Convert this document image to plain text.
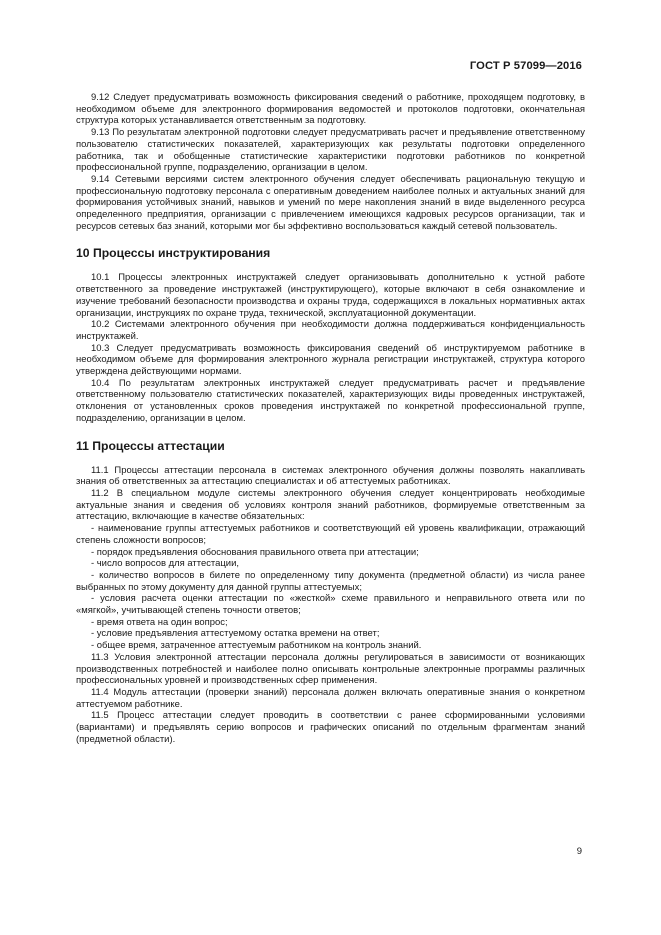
ГОСТ Р 57099—2016

9.12 Следует предусматривать возможность фиксирования сведений о работнике, проходящем подготовку, в необходимом объеме для электронного формирования ведомостей и протоколов подготовки, окончательная структура которых устанавливается ответственным за подготовку.

9.13 По результатам электронной подготовки следует предусматривать расчет и предъявление ответственному пользователю статистических показателей, характеризующих как результаты подготовки определенного работника, так и обобщенные статистические характеристики подготовки работников по конкретной профессиональной группе, подразделению, организации в целом.

9.14 Сетевыми версиями систем электронного обучения следует обеспечивать рациональную текущую и профессиональную подготовку персонала с оперативным доведением наиболее полных и актуальных знаний для формирования устойчивых знаний, навыков и умений по мере накопления знаний в виде выделенного ресурса определенного предприятия, организации с привлечением имеющихся кадровых ресурсов организации, так и ресурсов сетевых баз знаний, которыми мог бы эффективно воспользоваться каждый сетевой пользователь.

10 Процессы инструктирования

10.1 Процессы электронных инструктажей следует организовывать дополнительно к устной работе ответственного за проведение инструктажей (инструктирующего), которые включают в себя ознакомление и изучение требований безопасности производства и охраны труда, содержащихся в локальных нормативных актах организации, инструкциях по охране труда, технической, эксплуатационной документации.

10.2 Системами электронного обучения при необходимости должна поддерживаться конфиденциальность инструктажей.

10.3 Следует предусматривать возможность фиксирования сведений об инструктируемом работнике в необходимом объеме для формирования электронного журнала регистрации инструктажей, структура которого утверждена действующими нормами.

10.4 По результатам электронных инструктажей следует предусматривать расчет и предъявление ответственному пользователю статистических показателей, характеризующих виды проведенных инструктажей, отклонения от установленных сроков проведения инструктажей по конкретной профессиональной группе, подразделению, организации в целом.

11 Процессы аттестации

11.1 Процессы аттестации персонала в системах электронного обучения должны позволять накапливать знания об ответственных за аттестацию специалистах и об аттестуемых работниках.

11.2 В специальном модуле системы электронного обучения следует концентрировать необходимые актуальные знания и сведения об условиях контроля знаний работников, формируемые ответственным за аттестацию, включающие в качестве обязательных:

- наименование группы аттестуемых работников и соответствующий ей уровень квалификации, отражающий степень сложности вопросов;

- порядок предъявления обоснования правильного ответа при аттестации;

- число вопросов для аттестации,

- количество вопросов в билете по определенному типу документа (предметной области) из числа ранее выбранных по этому документу для данной группы аттестуемых;

- условия расчета оценки аттестации по «жесткой» схеме правильного и неправильного ответа или по «мягкой», учитывающей степень точности ответов;

- время ответа на один вопрос;

- условие предъявления аттестуемому остатка времени на ответ;

- общее время, затраченное аттестуемым работником на контроль знаний.

11.3 Условия электронной аттестации персонала должны регулироваться в зависимости от возникающих производственных потребностей и наиболее полно описывать контрольные электронные программы различных профессиональных уровней и производственных сфер применения.

11.4 Модуль аттестации (проверки знаний) персонала должен включать оперативные знания о конкретном аттестуемом работнике.

11.5 Процесс аттестации следует проводить в соответствии с ранее сформированными условиями (вариантами) и предъявлять серию вопросов и графических описаний по отдельным фрагментам знаний (предметной области).

9
